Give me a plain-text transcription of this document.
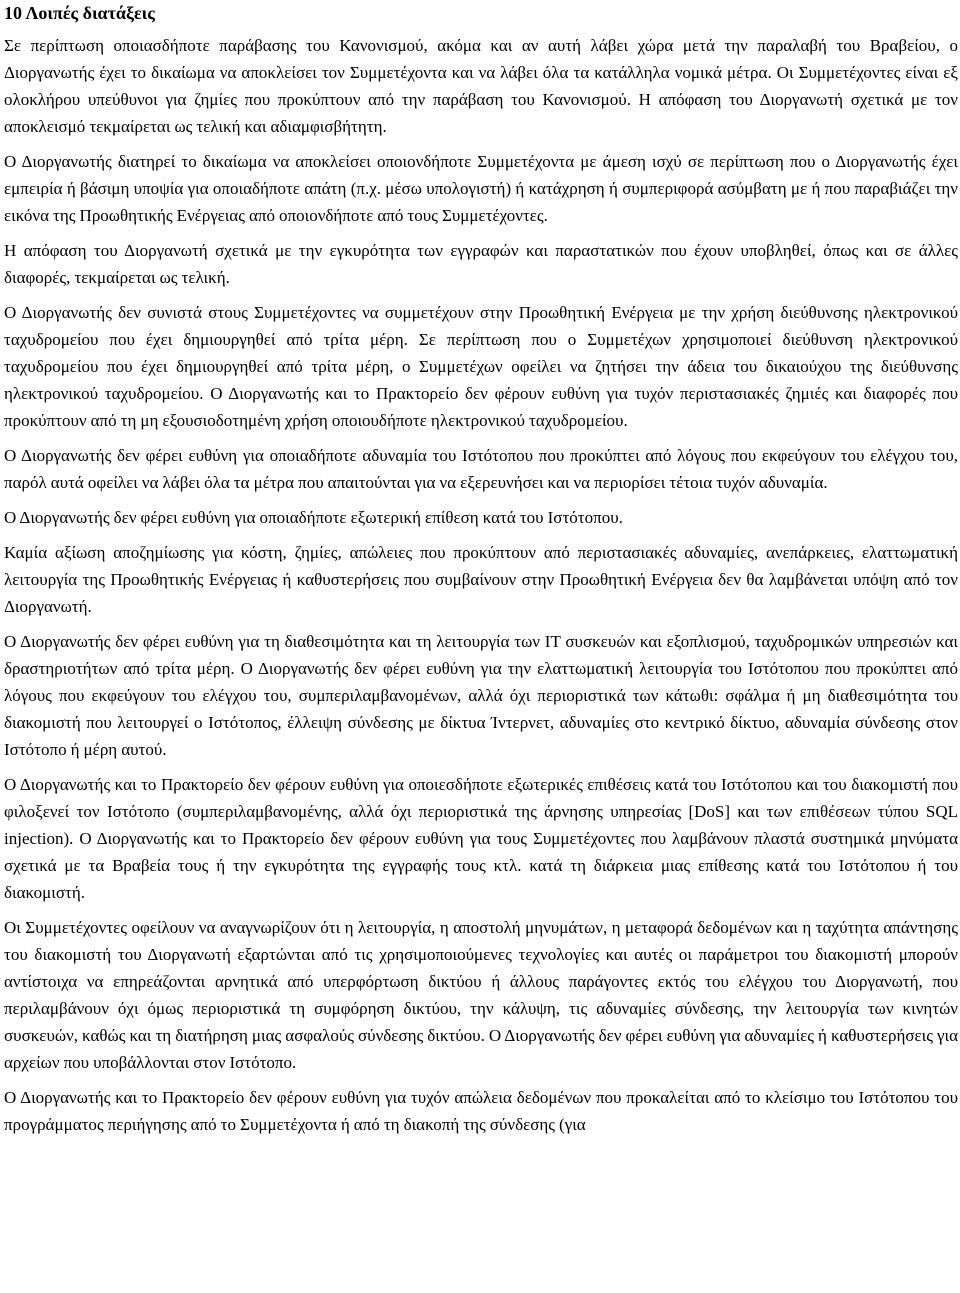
10 Λοιπές διατάξεις

Σε περίπτωση οποιασδήποτε παράβασης του Κανονισμού, ακόμα και αν αυτή λάβει χώρα μετά την παραλαβή του Βραβείου, ο Διοργανωτής έχει το δικαίωμα να αποκλείσει τον Συμμετέχοντα και να λάβει όλα τα κατάλληλα νομικά μέτρα. Οι Συμμετέχοντες είναι εξ ολοκλήρου υπεύθυνοι για ζημίες που προκύπτουν από την παράβαση του Κανονισμού. Η απόφαση του Διοργανωτή σχετικά με τον αποκλεισμό τεκμαίρεται ως τελική και αδιαμφισβήτητη.

Ο Διοργανωτής διατηρεί το δικαίωμα να αποκλείσει οποιονδήποτε Συμμετέχοντα με άμεση ισχύ σε περίπτωση που ο Διοργανωτής έχει εμπειρία ή βάσιμη υποψία για οποιαδήποτε απάτη (π.χ. μέσω υπολογιστή) ή κατάχρηση ή συμπεριφορά ασύμβατη με ή που παραβιάζει την εικόνα της Προωθητικής Ενέργειας από οποιονδήποτε από τους Συμμετέχοντες.

Η απόφαση του Διοργανωτή σχετικά με την εγκυρότητα των εγγραφών και παραστατικών που έχουν υποβληθεί, όπως και σε άλλες διαφορές, τεκμαίρεται ως τελική.

Ο Διοργανωτής δεν συνιστά στους Συμμετέχοντες να συμμετέχουν στην Προωθητική Ενέργεια με την χρήση διεύθυνσης ηλεκτρονικού ταχυδρομείου που έχει δημιουργηθεί από τρίτα μέρη. Σε περίπτωση που ο Συμμετέχων χρησιμοποιεί διεύθυνση ηλεκτρονικού ταχυδρομείου που έχει δημιουργηθεί από τρίτα μέρη, ο Συμμετέχων οφείλει να ζητήσει την άδεια του δικαιούχου της διεύθυνσης ηλεκτρονικού ταχυδρομείου. Ο Διοργανωτής και το Πρακτορείο δεν φέρουν ευθύνη για τυχόν περιστασιακές ζημιές και διαφορές που προκύπτουν από τη μη εξουσιοδοτημένη χρήση οποιουδήποτε ηλεκτρονικού ταχυδρομείου.

Ο Διοργανωτής δεν φέρει ευθύνη για οποιαδήποτε αδυναμία του Ιστότοπου που προκύπτει από λόγους που εκφεύγουν του ελέγχου του, παρόλ αυτά οφείλει να λάβει όλα τα μέτρα που απαιτούνται για να εξερευνήσει και να περιορίσει τέτοια τυχόν αδυναμία.

Ο Διοργανωτής δεν φέρει ευθύνη για οποιαδήποτε εξωτερική επίθεση κατά του Ιστότοπου.

Καμία αξίωση αποζημίωσης για κόστη, ζημίες, απώλειες που προκύπτουν από περιστασιακές αδυναμίες, ανεπάρκειες, ελαττωματική λειτουργία της Προωθητικής Ενέργειας ή καθυστερήσεις που συμβαίνουν στην Προωθητική Ενέργεια δεν θα λαμβάνεται υπόψη από τον Διοργανωτή.

Ο Διοργανωτής δεν φέρει ευθύνη για τη διαθεσιμότητα και τη λειτουργία των IT συσκευών και εξοπλισμού, ταχυδρομικών υπηρεσιών και δραστηριοτήτων από τρίτα μέρη. Ο Διοργανωτής δεν φέρει ευθύνη για την ελαττωματική λειτουργία του Ιστότοπου που προκύπτει από λόγους που εκφεύγουν του ελέγχου του, συμπεριλαμβανομένων, αλλά όχι περιοριστικά των κάτωθι: σφάλμα ή μη διαθεσιμότητα του διακομιστή που λειτουργεί ο Ιστότοπος, έλλειψη σύνδεσης με δίκτυα Ίντερνετ, αδυναμίες στο κεντρικό δίκτυο, αδυναμία σύνδεσης στον Ιστότοπο ή μέρη αυτού.

Ο Διοργανωτής και το Πρακτορείο δεν φέρουν ευθύνη για οποιεσδήποτε εξωτερικές επιθέσεις κατά του Ιστότοπου και του διακομιστή που φιλοξενεί τον Ιστότοπο (συμπεριλαμβανομένης, αλλά όχι περιοριστικά της άρνησης υπηρεσίας [DoS] και των επιθέσεων τύπου SQL injection). Ο Διοργανωτής και το Πρακτορείο δεν φέρουν ευθύνη για τους Συμμετέχοντες που λαμβάνουν πλαστά συστημικά μηνύματα σχετικά με τα Βραβεία τους ή την εγκυρότητα της εγγραφής τους κτλ. κατά τη διάρκεια μιας επίθεσης κατά του Ιστότοπου ή του διακομιστή.

Οι Συμμετέχοντες οφείλουν να αναγνωρίζουν ότι η λειτουργία, η αποστολή μηνυμάτων, η μεταφορά δεδομένων και η ταχύτητα απάντησης του διακομιστή του Διοργανωτή εξαρτώνται από τις χρησιμοποιούμενες τεχνολογίες και αυτές οι παράμετροι του διακομιστή μπορούν αντίστοιχα να επηρεάζονται αρνητικά από υπερφόρτωση δικτύου ή άλλους παράγοντες εκτός του ελέγχου του Διοργανωτή, που περιλαμβάνουν όχι όμως περιοριστικά τη συμφόρηση δικτύου, την κάλυψη, τις αδυναμίες σύνδεσης, την λειτουργία των κινητών συσκευών, καθώς και τη διατήρηση μιας ασφαλούς σύνδεσης δικτύου. Ο Διοργανωτής δεν φέρει ευθύνη για αδυναμίες ή καθυστερήσεις για αρχείων που υποβάλλονται στον Ιστότοπο.

Ο Διοργανωτής και το Πρακτορείο δεν φέρουν ευθύνη για τυχόν απώλεια δεδομένων που προκαλείται από το κλείσιμο του Ιστότοπου του προγράμματος περιήγησης από το Συμμετέχοντα ή από τη διακοπή της σύνδεσης (για
